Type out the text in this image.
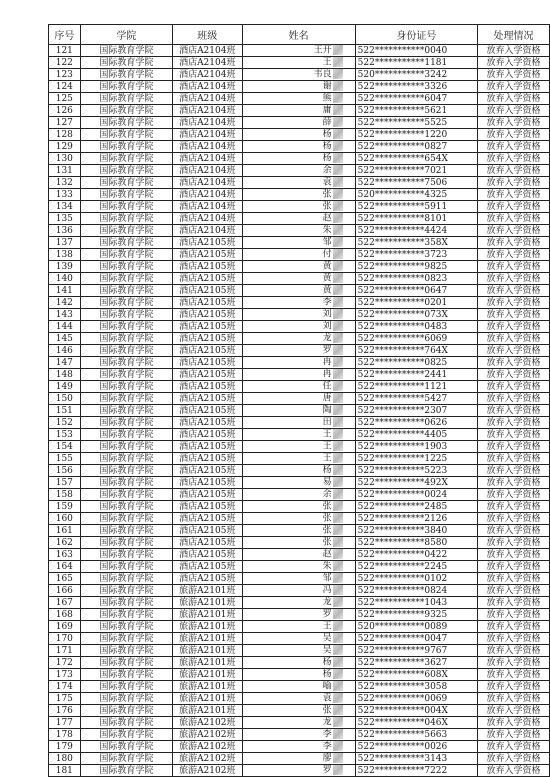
序号	学院	班级	姓名	身份证号	处理情况
121	国际教育学院	酒店A2104班	王开	522***********0040	放弃入学资格
122	国际教育学院	酒店A2104班	王	522***********1181	放弃入学资格
123	国际教育学院	酒店A2104班	韦良	520***********3242	放弃入学资格
124	国际教育学院	酒店A2104班	谢	522***********3326	放弃入学资格
125	国际教育学院	酒店A2104班	熊	522***********6047	放弃入学资格
126	国际教育学院	酒店A2104班	庸	522***********5621	放弃入学资格
127	国际教育学院	酒店A2104班	薛	522***********5525	放弃入学资格
128	国际教育学院	酒店A2104班	杨	522***********1220	放弃入学资格
129	国际教育学院	酒店A2104班	杨	522***********0827	放弃入学资格
130	国际教育学院	酒店A2104班	杨	522***********654X	放弃入学资格
131	国际教育学院	酒店A2104班	余	522***********7021	放弃入学资格
132	国际教育学院	酒店A2104班	袁	522***********7506	放弃入学资格
133	国际教育学院	酒店A2104班	张	520***********4325	放弃入学资格
134	国际教育学院	酒店A2104班	张	522***********5911	放弃入学资格
135	国际教育学院	酒店A2104班	赵	522***********8101	放弃入学资格
136	国际教育学院	酒店A2104班	朱	522***********4424	放弃入学资格
137	国际教育学院	酒店A2105班	邹	522***********358X	放弃入学资格
138	国际教育学院	酒店A2105班	付	522***********3723	放弃入学资格
139	国际教育学院	酒店A2105班	黄	522***********9825	放弃入学资格
140	国际教育学院	酒店A2105班	黄	522***********0823	放弃入学资格
141	国际教育学院	酒店A2105班	黄	522***********0647	放弃入学资格
142	国际教育学院	酒店A2105班	李	522***********0201	放弃入学资格
143	国际教育学院	酒店A2105班	刘	522***********073X	放弃入学资格
144	国际教育学院	酒店A2105班	刘	522***********0483	放弃入学资格
145	国际教育学院	酒店A2105班	龙	522***********6069	放弃入学资格
146	国际教育学院	酒店A2105班	罗	522***********764X	放弃入学资格
147	国际教育学院	酒店A2105班	冉	522***********0825	放弃入学资格
148	国际教育学院	酒店A2105班	冉	522***********2441	放弃入学资格
149	国际教育学院	酒店A2105班	任	522***********1121	放弃入学资格
150	国际教育学院	酒店A2105班	唐	522***********5427	放弃入学资格
151	国际教育学院	酒店A2105班	陶	522***********2307	放弃入学资格
152	国际教育学院	酒店A2105班	田	522***********0626	放弃入学资格
153	国际教育学院	酒店A2105班	王	522***********4405	放弃入学资格
154	国际教育学院	酒店A2105班	王	522***********1903	放弃入学资格
155	国际教育学院	酒店A2105班	王	522***********1225	放弃入学资格
156	国际教育学院	酒店A2105班	杨	522***********5223	放弃入学资格
157	国际教育学院	酒店A2105班	易	522***********492X	放弃入学资格
158	国际教育学院	酒店A2105班	余	522***********0024	放弃入学资格
159	国际教育学院	酒店A2105班	张	522***********2485	放弃入学资格
160	国际教育学院	酒店A2105班	张	522***********2126	放弃入学资格
161	国际教育学院	酒店A2105班	张	522***********3840	放弃入学资格
162	国际教育学院	酒店A2105班	张	522***********8580	放弃入学资格
163	国际教育学院	酒店A2105班	赵	522***********0422	放弃入学资格
164	国际教育学院	酒店A2105班	朱	522***********2245	放弃入学资格
165	国际教育学院	酒店A2105班	邹	522***********0102	放弃入学资格
166	国际教育学院	旅游A2101班	冯	522***********0824	放弃入学资格
167	国际教育学院	旅游A2101班	龙	522***********1043	放弃入学资格
168	国际教育学院	旅游A2101班	罗	522***********9325	放弃入学资格
169	国际教育学院	旅游A2101班	王	520***********0089	放弃入学资格
170	国际教育学院	旅游A2101班	吴	522***********0047	放弃入学资格
171	国际教育学院	旅游A2101班	吴	522***********9767	放弃入学资格
172	国际教育学院	旅游A2101班	杨	522***********3627	放弃入学资格
173	国际教育学院	旅游A2101班	杨	522***********608X	放弃入学资格
174	国际教育学院	旅游A2101班	喻	522***********3058	放弃入学资格
175	国际教育学院	旅游A2101班	袁	522***********0069	放弃入学资格
176	国际教育学院	旅游A2101班	张	522***********004X	放弃入学资格
177	国际教育学院	旅游A2102班	龙	522***********046X	放弃入学资格
178	国际教育学院	旅游A2102班	李	522***********5663	放弃入学资格
179	国际教育学院	旅游A2102班	李	522***********0026	放弃入学资格
180	国际教育学院	旅游A2102班	廖	522***********3143	放弃入学资格
181	国际教育学院	旅游A2102班	罗	522***********7222	放弃入学资格
